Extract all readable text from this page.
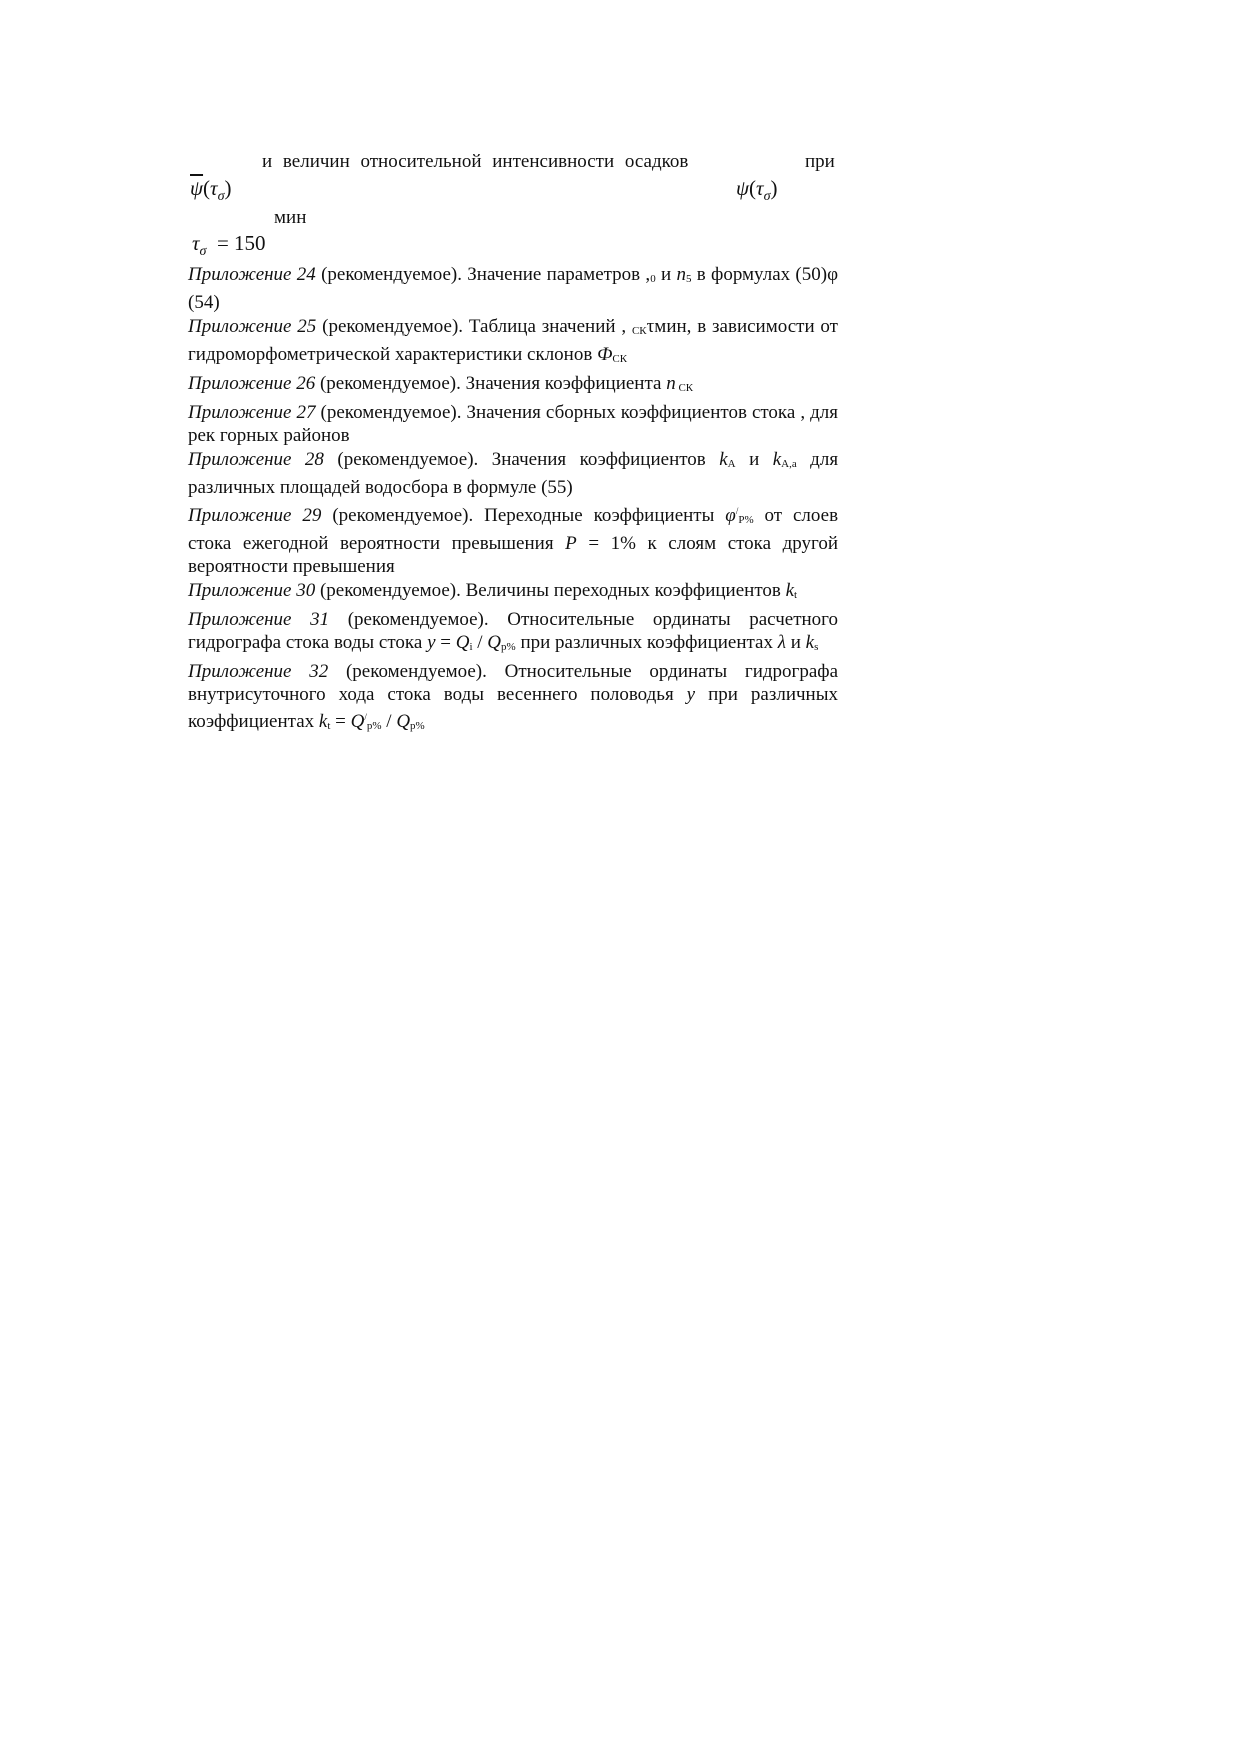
и величин относительной интенсивности осадков	при
$\overline{\psi}(\tau_\sigma)$	$\psi(\tau_\sigma)$
мин
$\tau_\sigma = 150$

Приложение 24 (рекомендуемое). Значение параметров ,0 и n5 в формулах (50)φ (54)

Приложение 25 (рекомендуемое). Таблица значений , СКτмин, в зависимости от гидроморфометрической характеристики склонов ФСК

Приложение 26 (рекомендуемое). Значения коэффициента n СК

Приложение 27 (рекомендуемое). Значения сборных коэффициентов стока , для рек горных районов

Приложение 28 (рекомендуемое). Значения коэффициентов kA и kA,a для различных площадей водосбора в формуле (55)

Приложение 29 (рекомендуемое). Переходные коэффициенты φ/P% от слоев стока ежегодной вероятности превышения P = 1% к слоям стока другой вероятности превышения

Приложение 30 (рекомендуемое). Величины переходных коэффициентов kt

Приложение 31 (рекомендуемое). Относительные ординаты расчетного гидрографа стока воды стока y = Qi / Qp% при различных коэффициентах λ и ks

Приложение 32 (рекомендуемое). Относительные ординаты гидрографа внутрисуточного хода стока воды весеннего половодья y при различных коэффициентах kt = Q/p% / Qp%
